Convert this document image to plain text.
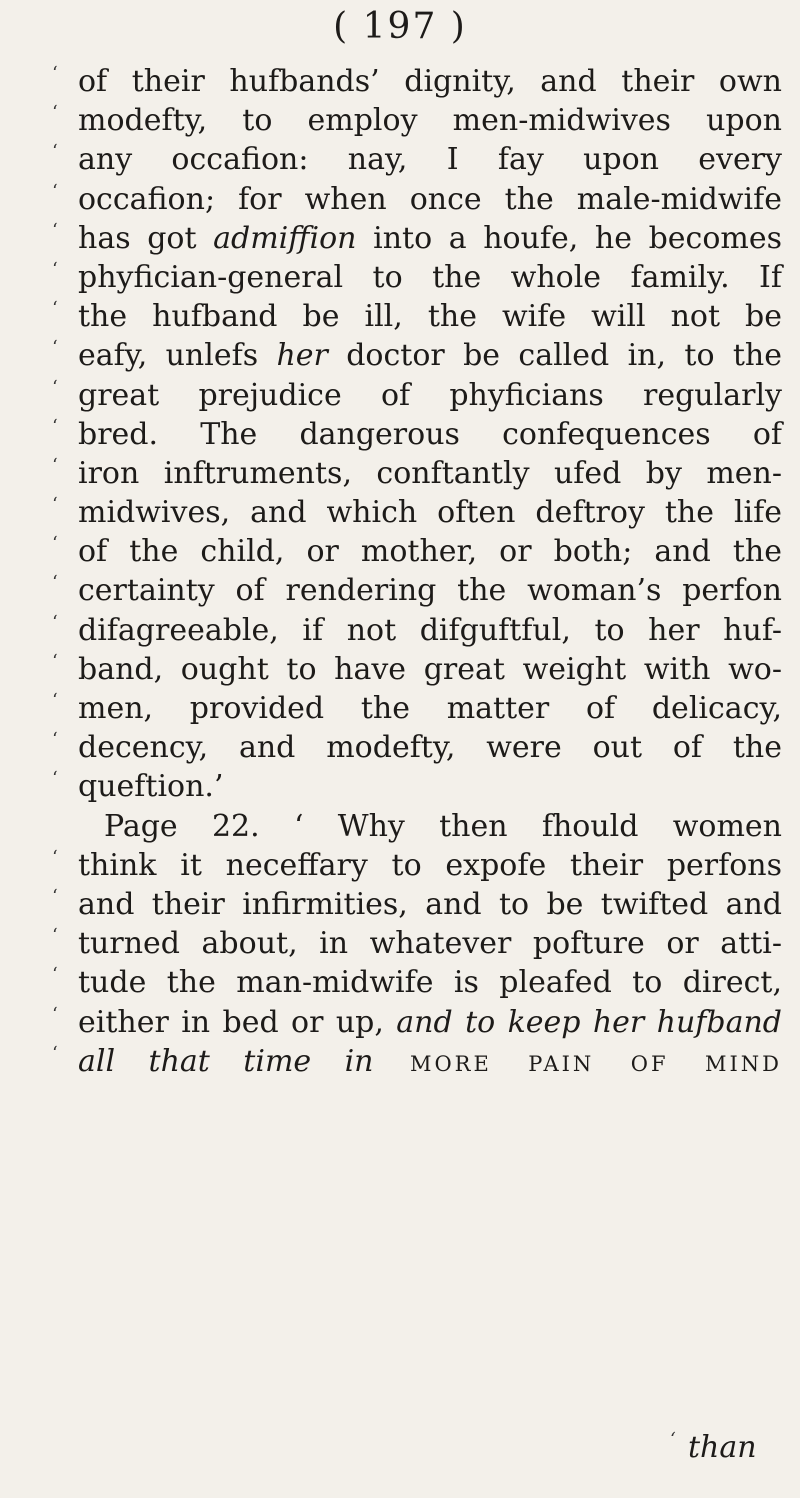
( 197 )
‘ of their hufbands’ dignity, and their own
‘ modefty, to employ men-midwives upon
‘ any occafion: nay, I fay upon every
‘ occafion; for when once the male-midwife
‘ has got admiffion into a houfe, he becomes
‘ phyfician-general to the whole family. If
‘ the hufband be ill, the wife will not be
‘ eafy, unlefs her doctor be called in, to the
‘ great prejudice of phyficians regularly
‘ bred. The dangerous confequences of
‘ iron inftruments, conftantly ufed by men-
‘ midwives, and which often deftroy the life
‘ of the child, or mother, or both; and the
‘ certainty of rendering the woman’s perfon
‘ difagreeable, if not difguftful, to her huf-
‘ band, ought to have great weight with wo-
‘ men, provided the matter of delicacy,
‘ decency, and modefty, were out of the
‘ queftion.’
Page 22. ‘ Why then fhould women
‘ think it neceffary to expofe their perfons
‘ and their infirmities, and to be twifted and
‘ turned about, in whatever pofture or atti-
‘ tude the man-midwife is pleafed to direct,
‘ either in bed or up, and to keep her hufband
‘ all that time in more pain of mind
‘ than
